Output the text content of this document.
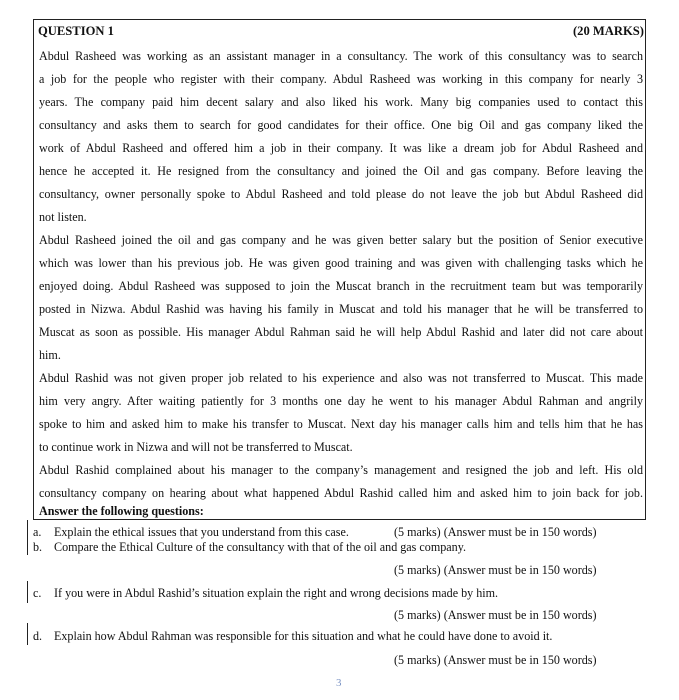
QUESTION 1	(20 MARKS)
Abdul Rasheed was working as an assistant manager in a consultancy. The work of this consultancy was to search
a job for the people who register with their company. Abdul Rasheed was working in this company for nearly 3
years. The company paid him decent salary and also liked his work. Many big companies used to contact this
consultancy and asks them to search for good candidates for their office. One big Oil and gas company liked the
work of Abdul Rasheed and offered him a job in their company. It was like a dream job for Abdul Rasheed and
hence he accepted it. He resigned from the consultancy and joined the Oil and gas company. Before leaving the
consultancy, owner personally spoke to Abdul Rasheed and told please do not leave the job but Abdul Rasheed did
not listen.
Abdul Rasheed joined the oil and gas company and he was given better salary but the position of Senior executive
which was lower than his previous job. He was given good training and was given with challenging tasks which he
enjoyed doing. Abdul Rasheed was supposed to join the Muscat branch in the recruitment team but was temporarily
posted in Nizwa. Abdul Rashid was having his family in Muscat and told his manager that he will be transferred to
Muscat as soon as possible. His manager Abdul Rahman said he will help Abdul Rashid and later did not care about
him.
Abdul Rashid was not given proper job related to his experience and also was not transferred to Muscat. This made
him very angry. After waiting patiently for 3 months one day he went to his manager Abdul Rahman and angrily
spoke to him and asked him to make his transfer to Muscat. Next day his manager calls him and tells him that he has
to continue work in Nizwa and will not be transferred to Muscat.
Abdul Rashid complained about his manager to the company’s management and resigned the job and left. His old
consultancy company on hearing about what happened Abdul Rashid called him and asked him to join back for job.
Answer the following questions:
a. Explain the ethical issues that you understand from this case.	(5 marks) (Answer must be in 150 words)
b. Compare the Ethical Culture of the consultancy with that of the oil and gas company.
(5 marks) (Answer must be in 150 words)
c. If you were in Abdul Rashid’s situation explain the right and wrong decisions made by him.
(5 marks) (Answer must be in 150 words)
d. Explain how Abdul Rahman was responsible for this situation and what he could have done to avoid it.
(5 marks) (Answer must be in 150 words)
3
